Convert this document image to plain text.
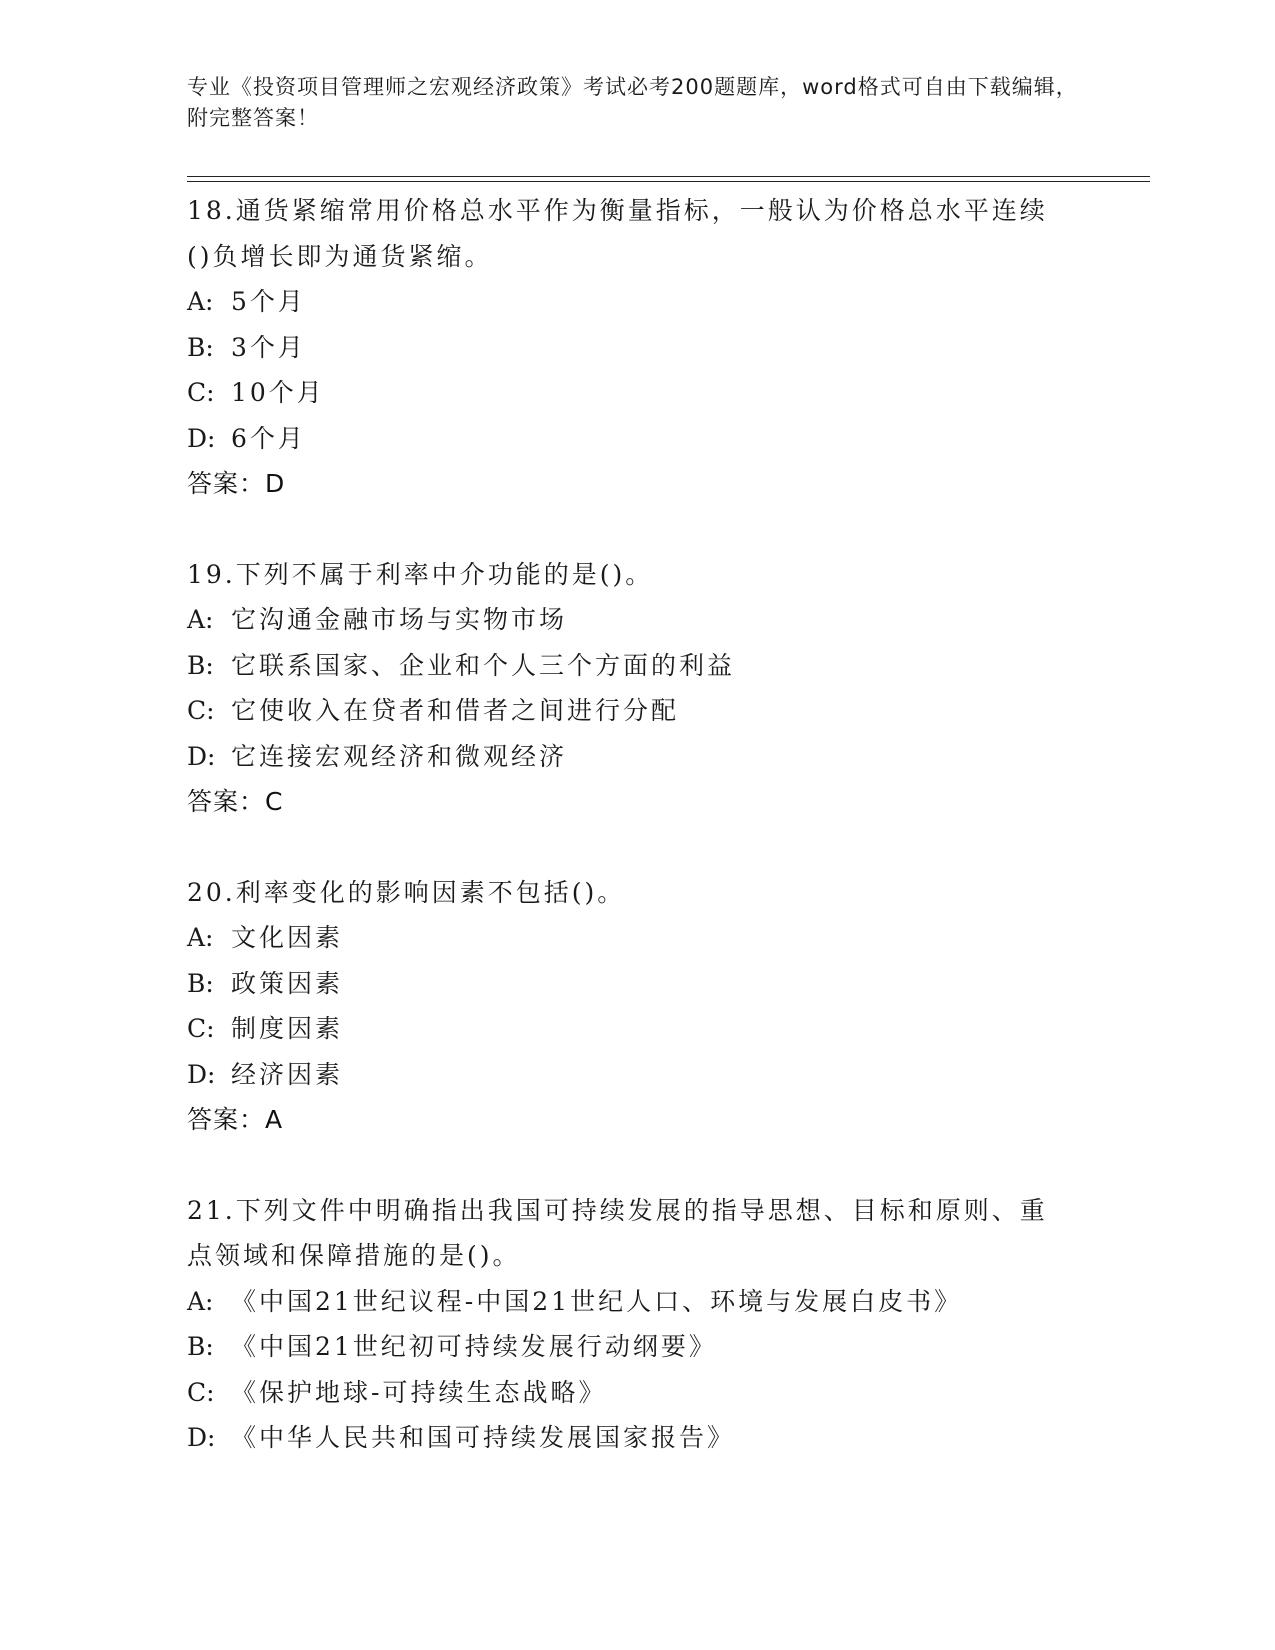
专业《投资项目管理师之宏观经济政策》考试必考200题题库，word格式可自由下载编辑，附完整答案！
18.通货紧缩常用价格总水平作为衡量指标，一般认为价格总水平连续()负增长即为通货紧缩。
A: 5个月
B: 3个月
C: 10个月
D: 6个月
答案：D
19.下列不属于利率中介功能的是()。
A: 它沟通金融市场与实物市场
B: 它联系国家、企业和个人三个方面的利益
C: 它使收入在贷者和借者之间进行分配
D: 它连接宏观经济和微观经济
答案：C
20.利率变化的影响因素不包括()。
A: 文化因素
B: 政策因素
C: 制度因素
D: 经济因素
答案：A
21.下列文件中明确指出我国可持续发展的指导思想、目标和原则、重点领域和保障措施的是()。
A: 《中国21世纪议程-中国21世纪人口、环境与发展白皮书》
B: 《中国21世纪初可持续发展行动纲要》
C: 《保护地球-可持续生态战略》
D: 《中华人民共和国可持续发展国家报告》
